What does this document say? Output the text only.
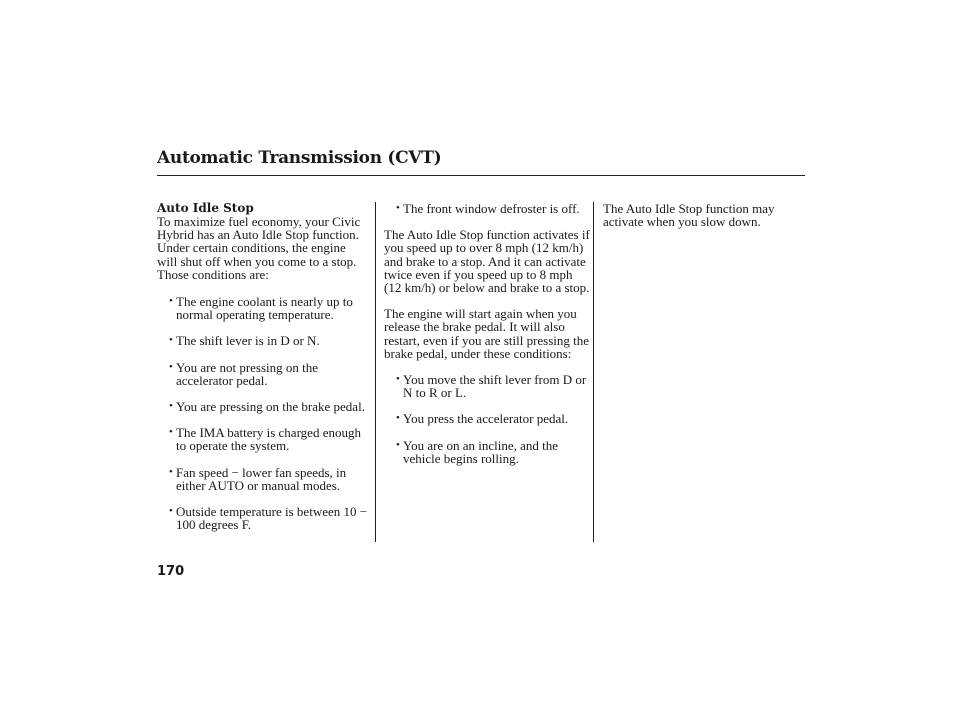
Automatic Transmission (CVT)
Auto Idle Stop

To maximize fuel economy, your Civic Hybrid has an Auto Idle Stop function. Under certain conditions, the engine will shut off when you come to a stop. Those conditions are:

• The engine coolant is nearly up to normal operating temperature.
• The shift lever is in D or N.
• You are not pressing on the accelerator pedal.
• You are pressing on the brake pedal.
• The IMA battery is charged enough to operate the system.
• Fan speed − lower fan speeds, in either AUTO or manual modes.
• Outside temperature is between 10 − 100 degrees F.
• The front window defroster is off.

The Auto Idle Stop function activates if you speed up to over 8 mph (12 km/h) and brake to a stop. And it can activate twice even if you speed up to 8 mph (12 km/h) or below and brake to a stop.

The engine will start again when you release the brake pedal. It will also restart, even if you are still pressing the brake pedal, under these conditions:

• You move the shift lever from D or N to R or L.
• You press the accelerator pedal.
• You are on an incline, and the vehicle begins rolling.

The Auto Idle Stop function may activate when you slow down.

170
